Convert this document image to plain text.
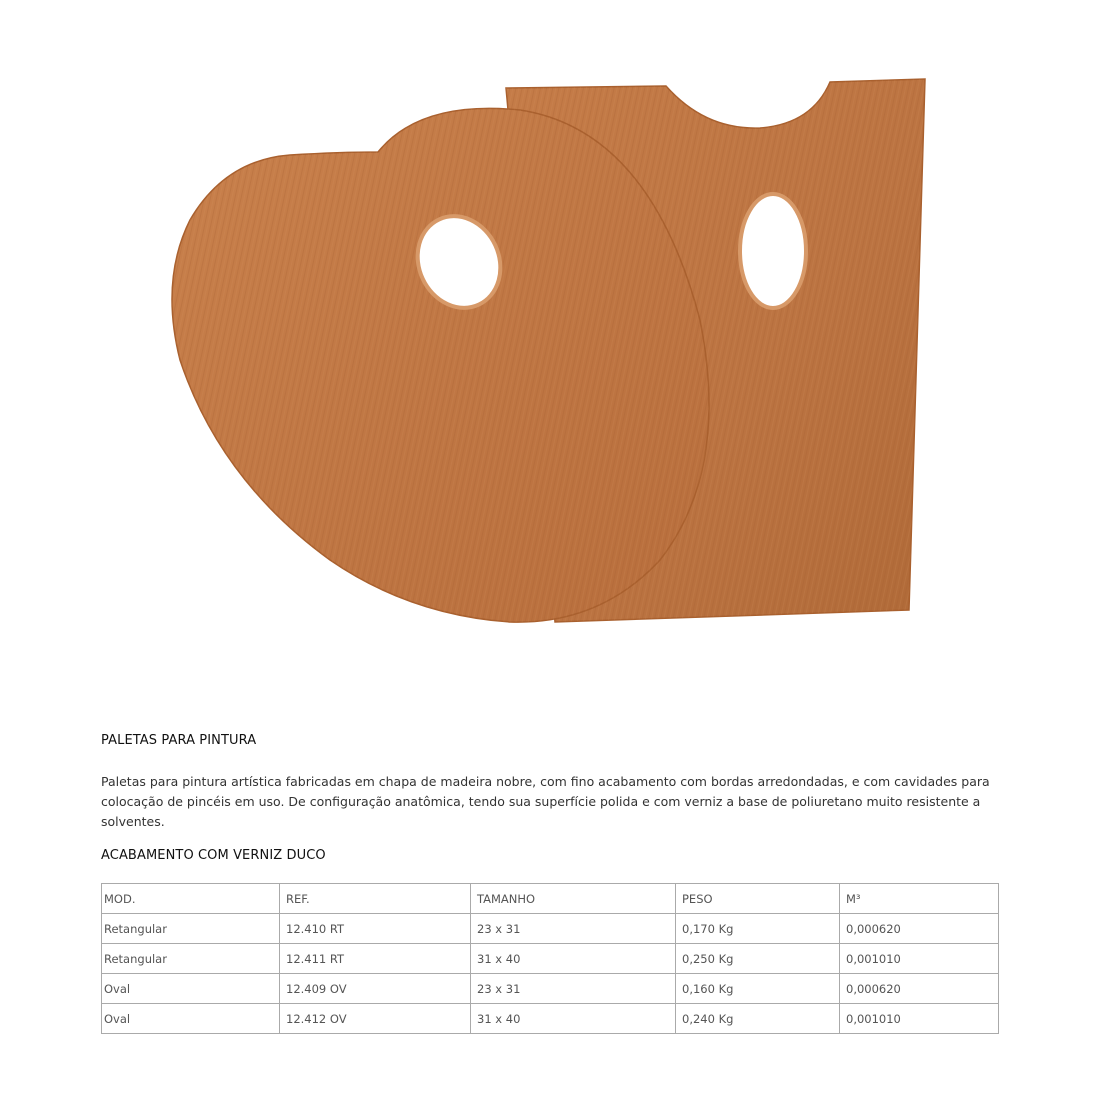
PALETAS PARA PINTURA

Paletas para pintura artística fabricadas em chapa de madeira nobre, com fino acabamento com bordas arredondadas, e com cavidades para colocação de pincéis em uso. De configuração anatômica, tendo sua superfície polida e com verniz a base de poliuretano muito resistente a solventes.

ACABAMENTO COM VERNIZ DUCO
MOD.	REF.	TAMANHO	PESO	M³
Retangular	12.410 RT	23 x 31	0,170 Kg	0,000620
Retangular	12.411 RT	31 x 40	0,250 Kg	0,001010
Oval	12.409 OV	23 x 31	0,160 Kg	0,000620
Oval	12.412 OV	31 x 40	0,240 Kg	0,001010
